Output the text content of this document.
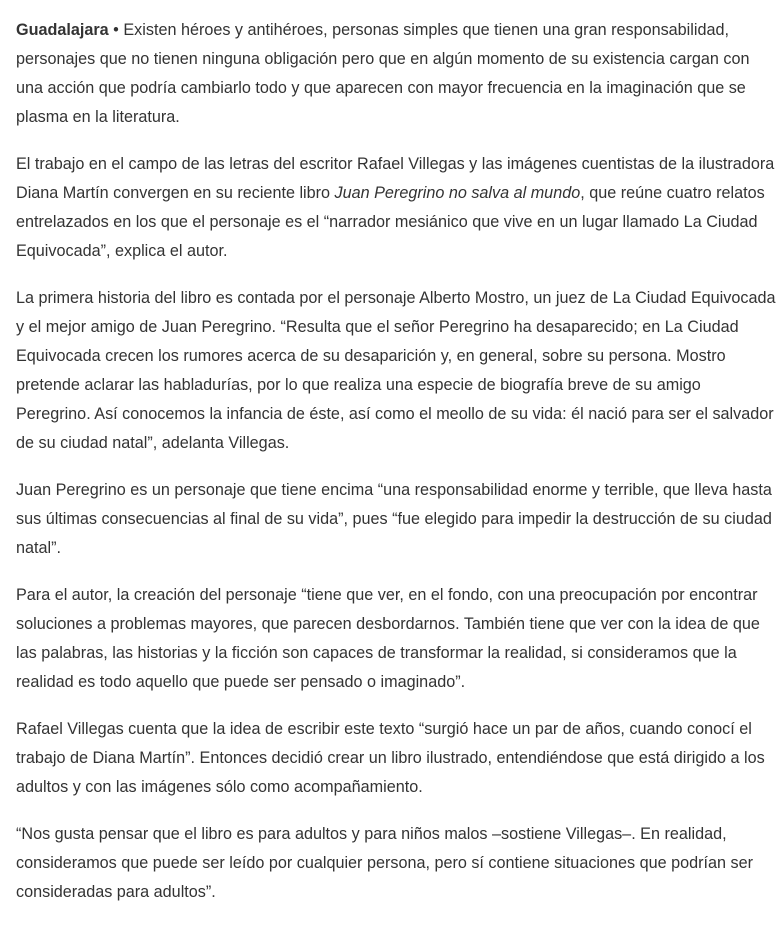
Guadalajara • Existen héroes y antihéroes, personas simples que tienen una gran responsabilidad, personajes que no tienen ninguna obligación pero que en algún momento de su existencia cargan con una acción que podría cambiarlo todo y que aparecen con mayor frecuencia en la imaginación que se plasma en la literatura.

El trabajo en el campo de las letras del escritor Rafael Villegas y las imágenes cuentistas de la ilustradora Diana Martín convergen en su reciente libro Juan Peregrino no salva al mundo, que reúne cuatro relatos entrelazados en los que el personaje es el “narrador mesiánico que vive en un lugar llamado La Ciudad Equivocada”, explica el autor.

La primera historia del libro es contada por el personaje Alberto Mostro, un juez de La Ciudad Equivocada y el mejor amigo de Juan Peregrino. “Resulta que el señor Peregrino ha desaparecido; en La Ciudad Equivocada crecen los rumores acerca de su desaparición y, en general, sobre su persona. Mostro pretende aclarar las habladurías, por lo que realiza una especie de biografía breve de su amigo Peregrino. Así conocemos la infancia de éste, así como el meollo de su vida: él nació para ser el salvador de su ciudad natal”, adelanta Villegas.

Juan Peregrino es un personaje que tiene encima “una responsabilidad enorme y terrible, que lleva hasta sus últimas consecuencias al final de su vida”, pues “fue elegido para impedir la destrucción de su ciudad natal”.

Para el autor, la creación del personaje “tiene que ver, en el fondo, con una preocupación por encontrar soluciones a problemas mayores, que parecen desbordarnos. También tiene que ver con la idea de que las palabras, las historias y la ficción son capaces de transformar la realidad, si consideramos que la realidad es todo aquello que puede ser pensado o imaginado”.

Rafael Villegas cuenta que la idea de escribir este texto “surgió hace un par de años, cuando conocí el trabajo de Diana Martín”. Entonces decidió crear un libro ilustrado, entendiéndose que está dirigido a los adultos y con las imágenes sólo como acompañamiento.

“Nos gusta pensar que el libro es para adultos y para niños malos –sostiene Villegas–. En realidad, consideramos que puede ser leído por cualquier persona, pero sí contiene situaciones que podrían ser consideradas para adultos”.
